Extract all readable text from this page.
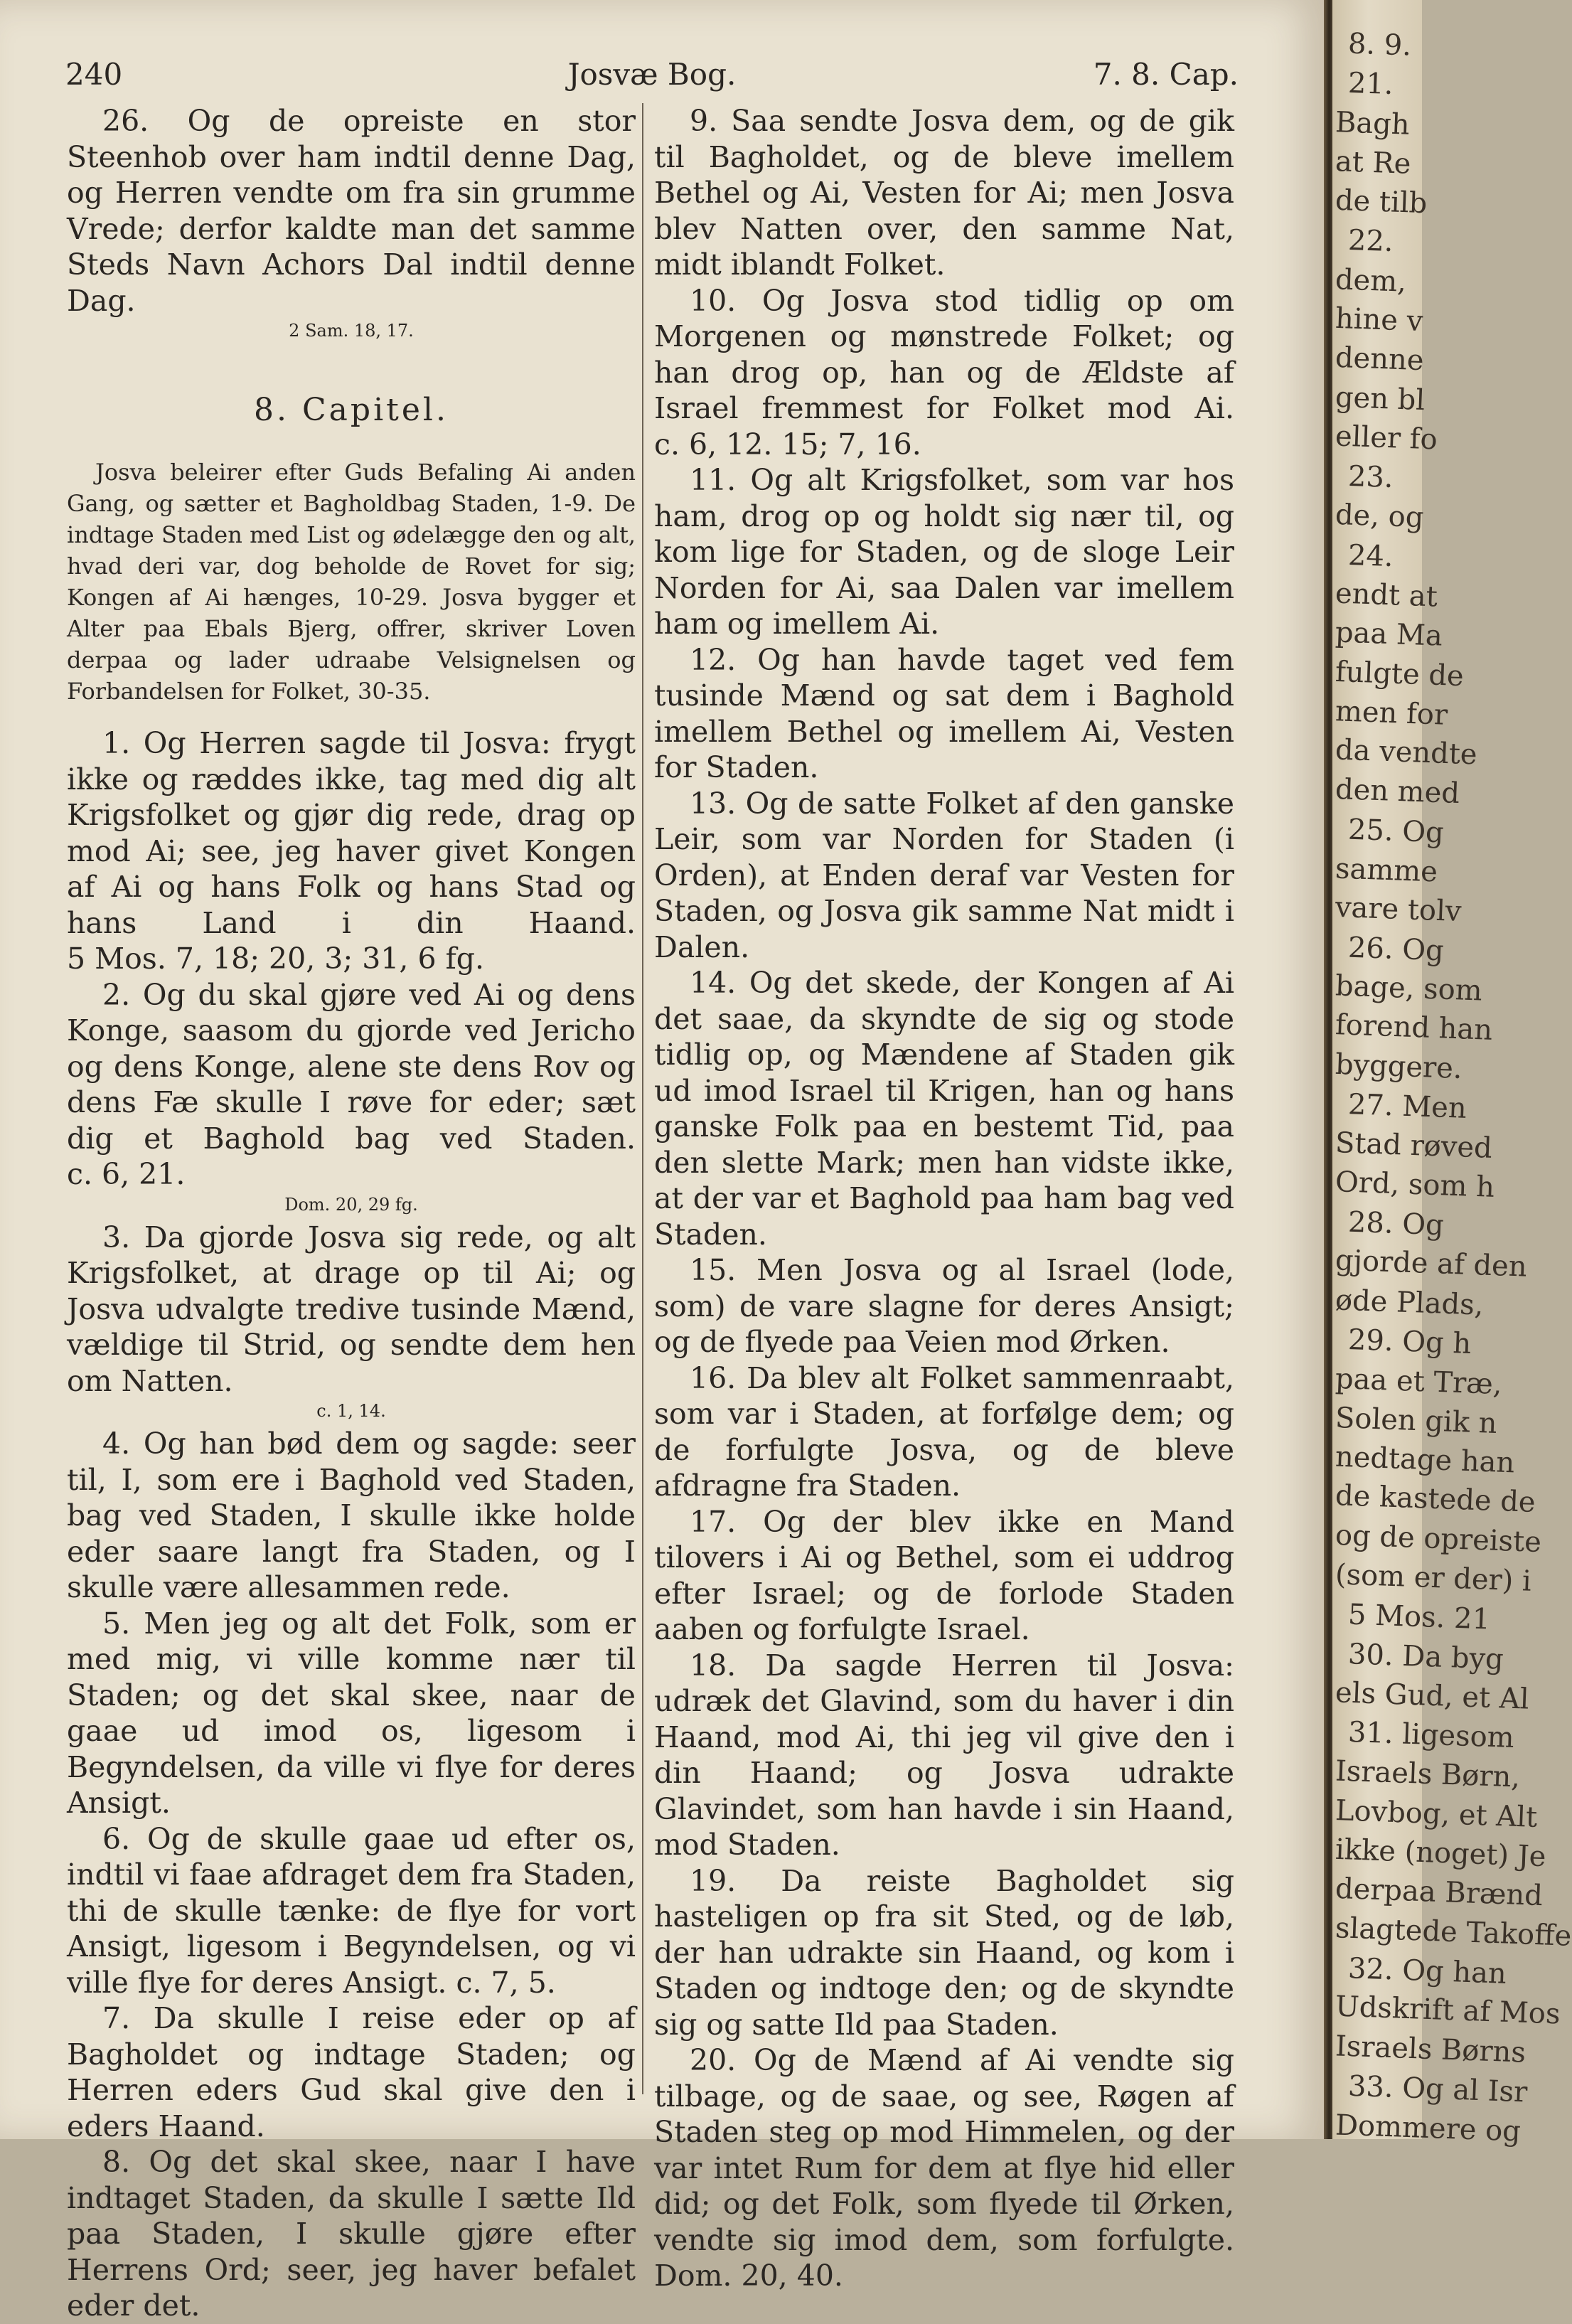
240	Josvæ Bog.	7. 8. Cap.

26. Og de opreiste en stor Steenhob over ham indtil denne Dag, og Herren vendte om fra sin grumme Vrede; derfor kaldte man det samme Steds Navn Achors Dal indtil denne Dag.

2 Sam. 18, 17.

8. Capitel.

Josva beleirer efter Guds Befaling Ai anden Gang, og sætter et Bagholdbag Staden, 1-9. De indtage Staden med List og ødelægge den og alt, hvad deri var, dog beholde de Rovet for sig; Kongen af Ai hænges, 10-29. Josva bygger et Alter paa Ebals Bjerg, offrer, skriver Loven derpaa og lader udraabe Velsignelsen og Forbandelsen for Folket, 30-35.

1. Og Herren sagde til Josva: frygt ikke og ræddes ikke, tag med dig alt Krigsfolket og gjør dig rede, drag op mod Ai; see, jeg haver givet Kongen af Ai og hans Folk og hans Stad og hans Land i din Haand. 5 Mos. 7, 18; 20, 3; 31, 6 fg.

2. Og du skal gjøre ved Ai og dens Konge, saasom du gjorde ved Jericho og dens Konge, alene ste dens Rov og dens Fæ skulle I røve for eder; sæt dig et Baghold bag ved Staden. c. 6, 21.

Dom. 20, 29 fg.

3. Da gjorde Josva sig rede, og alt Krigsfolket, at drage op til Ai; og Josva udvalgte tredive tusinde Mænd, vældige til Strid, og sendte dem hen om Natten.

c. 1, 14.

4. Og han bød dem og sagde: seer til, I, som ere i Baghold ved Staden, bag ved Staden, I skulle ikke holde eder saare langt fra Staden, og I skulle være allesammen rede.

5. Men jeg og alt det Folk, som er med mig, vi ville komme nær til Staden; og det skal skee, naar de gaae ud imod os, ligesom i Begyndelsen, da ville vi flye for deres Ansigt.

6. Og de skulle gaae ud efter os, indtil vi faae afdraget dem fra Staden, thi de skulle tænke: de flye for vort Ansigt, ligesom i Begyndelsen, og vi ville flye for deres Ansigt. c. 7, 5.

7. Da skulle I reise eder op af Bagholdet og indtage Staden; og Herren eders Gud skal give den i eders Haand.

8. Og det skal skee, naar I have indtaget Staden, da skulle I sætte Ild paa Staden, I skulle gjøre efter Herrens Ord; seer, jeg haver befalet eder det.

9. Saa sendte Josva dem, og de gik til Bagholdet, og de bleve imellem Bethel og Ai, Vesten for Ai; men Josva blev Natten over, den samme Nat, midt iblandt Folket.

10. Og Josva stod tidlig op om Morgenen og mønstrede Folket; og han drog op, han og de Ældste af Israel fremmest for Folket mod Ai. c. 6, 12. 15; 7, 16.

11. Og alt Krigsfolket, som var hos ham, drog op og holdt sig nær til, og kom lige for Staden, og de sloge Leir Norden for Ai, saa Dalen var imellem ham og imellem Ai.

12. Og han havde taget ved fem tusinde Mænd og sat dem i Baghold imellem Bethel og imellem Ai, Vesten for Staden.

13. Og de satte Folket af den ganske Leir, som var Norden for Staden (i Orden), at Enden deraf var Vesten for Staden, og Josva gik samme Nat midt i Dalen.

14. Og det skede, der Kongen af Ai det saae, da skyndte de sig og stode tidlig op, og Mændene af Staden gik ud imod Israel til Krigen, han og hans ganske Folk paa en bestemt Tid, paa den slette Mark; men han vidste ikke, at der var et Baghold paa ham bag ved Staden.

15. Men Josva og al Israel (lode, som) de vare slagne for deres Ansigt; og de flyede paa Veien mod Ørken.

16. Da blev alt Folket sammenraabt, som var i Staden, at forfølge dem; og de forfulgte Josva, og de bleve afdragne fra Staden.

17. Og der blev ikke en Mand tilovers i Ai og Bethel, som ei uddrog efter Israel; og de forlode Staden aaben og forfulgte Israel.

18. Da sagde Herren til Josva: udræk det Glavind, som du haver i din Haand, mod Ai, thi jeg vil give den i din Haand; og Josva udrakte Glavindet, som han havde i sin Haand, mod Staden.

19. Da reiste Bagholdet sig hasteligen op fra sit Sted, og de løb, der han udrakte sin Haand, og kom i Staden og indtoge den; og de skyndte sig og satte Ild paa Staden.

20. Og de Mænd af Ai vendte sig tilbage, og de saae, og see, Røgen af Staden steg op mod Himmelen, og der var intet Rum for dem at flye hid eller did; og det Folk, som flyede til Ørken, vendte sig imod dem, som forfulgte. Dom. 20, 40.

8. 9.
21.
Bagh
at Re
de tilb
22.
dem,
hine v
denne
gen bl
eller fo
23.
de, og
24.
endt at
paa Ma
fulgte de
men for
da vendte
den med
25. Og
samme
vare tolv
26. Og
bage, som
forend han
byggere.
27. Men
Stad røved
Ord, som h
28. Og
gjorde af den
øde Plads,
29. Og h
paa et Træ,
Solen gik n
nedtage han
de kastede de
og de opreiste
(som er der) i
5 Mos. 21
30. Da byg
els Gud, et Al
31. ligesom
Israels Børn,
Lovbog, et Alt
ikke (noget) Je
derpaa Brænd
slagtede Takoffe
32. Og han
Udskrift af Mos
Israels Børns
33. Og al Isr
Dommere og
